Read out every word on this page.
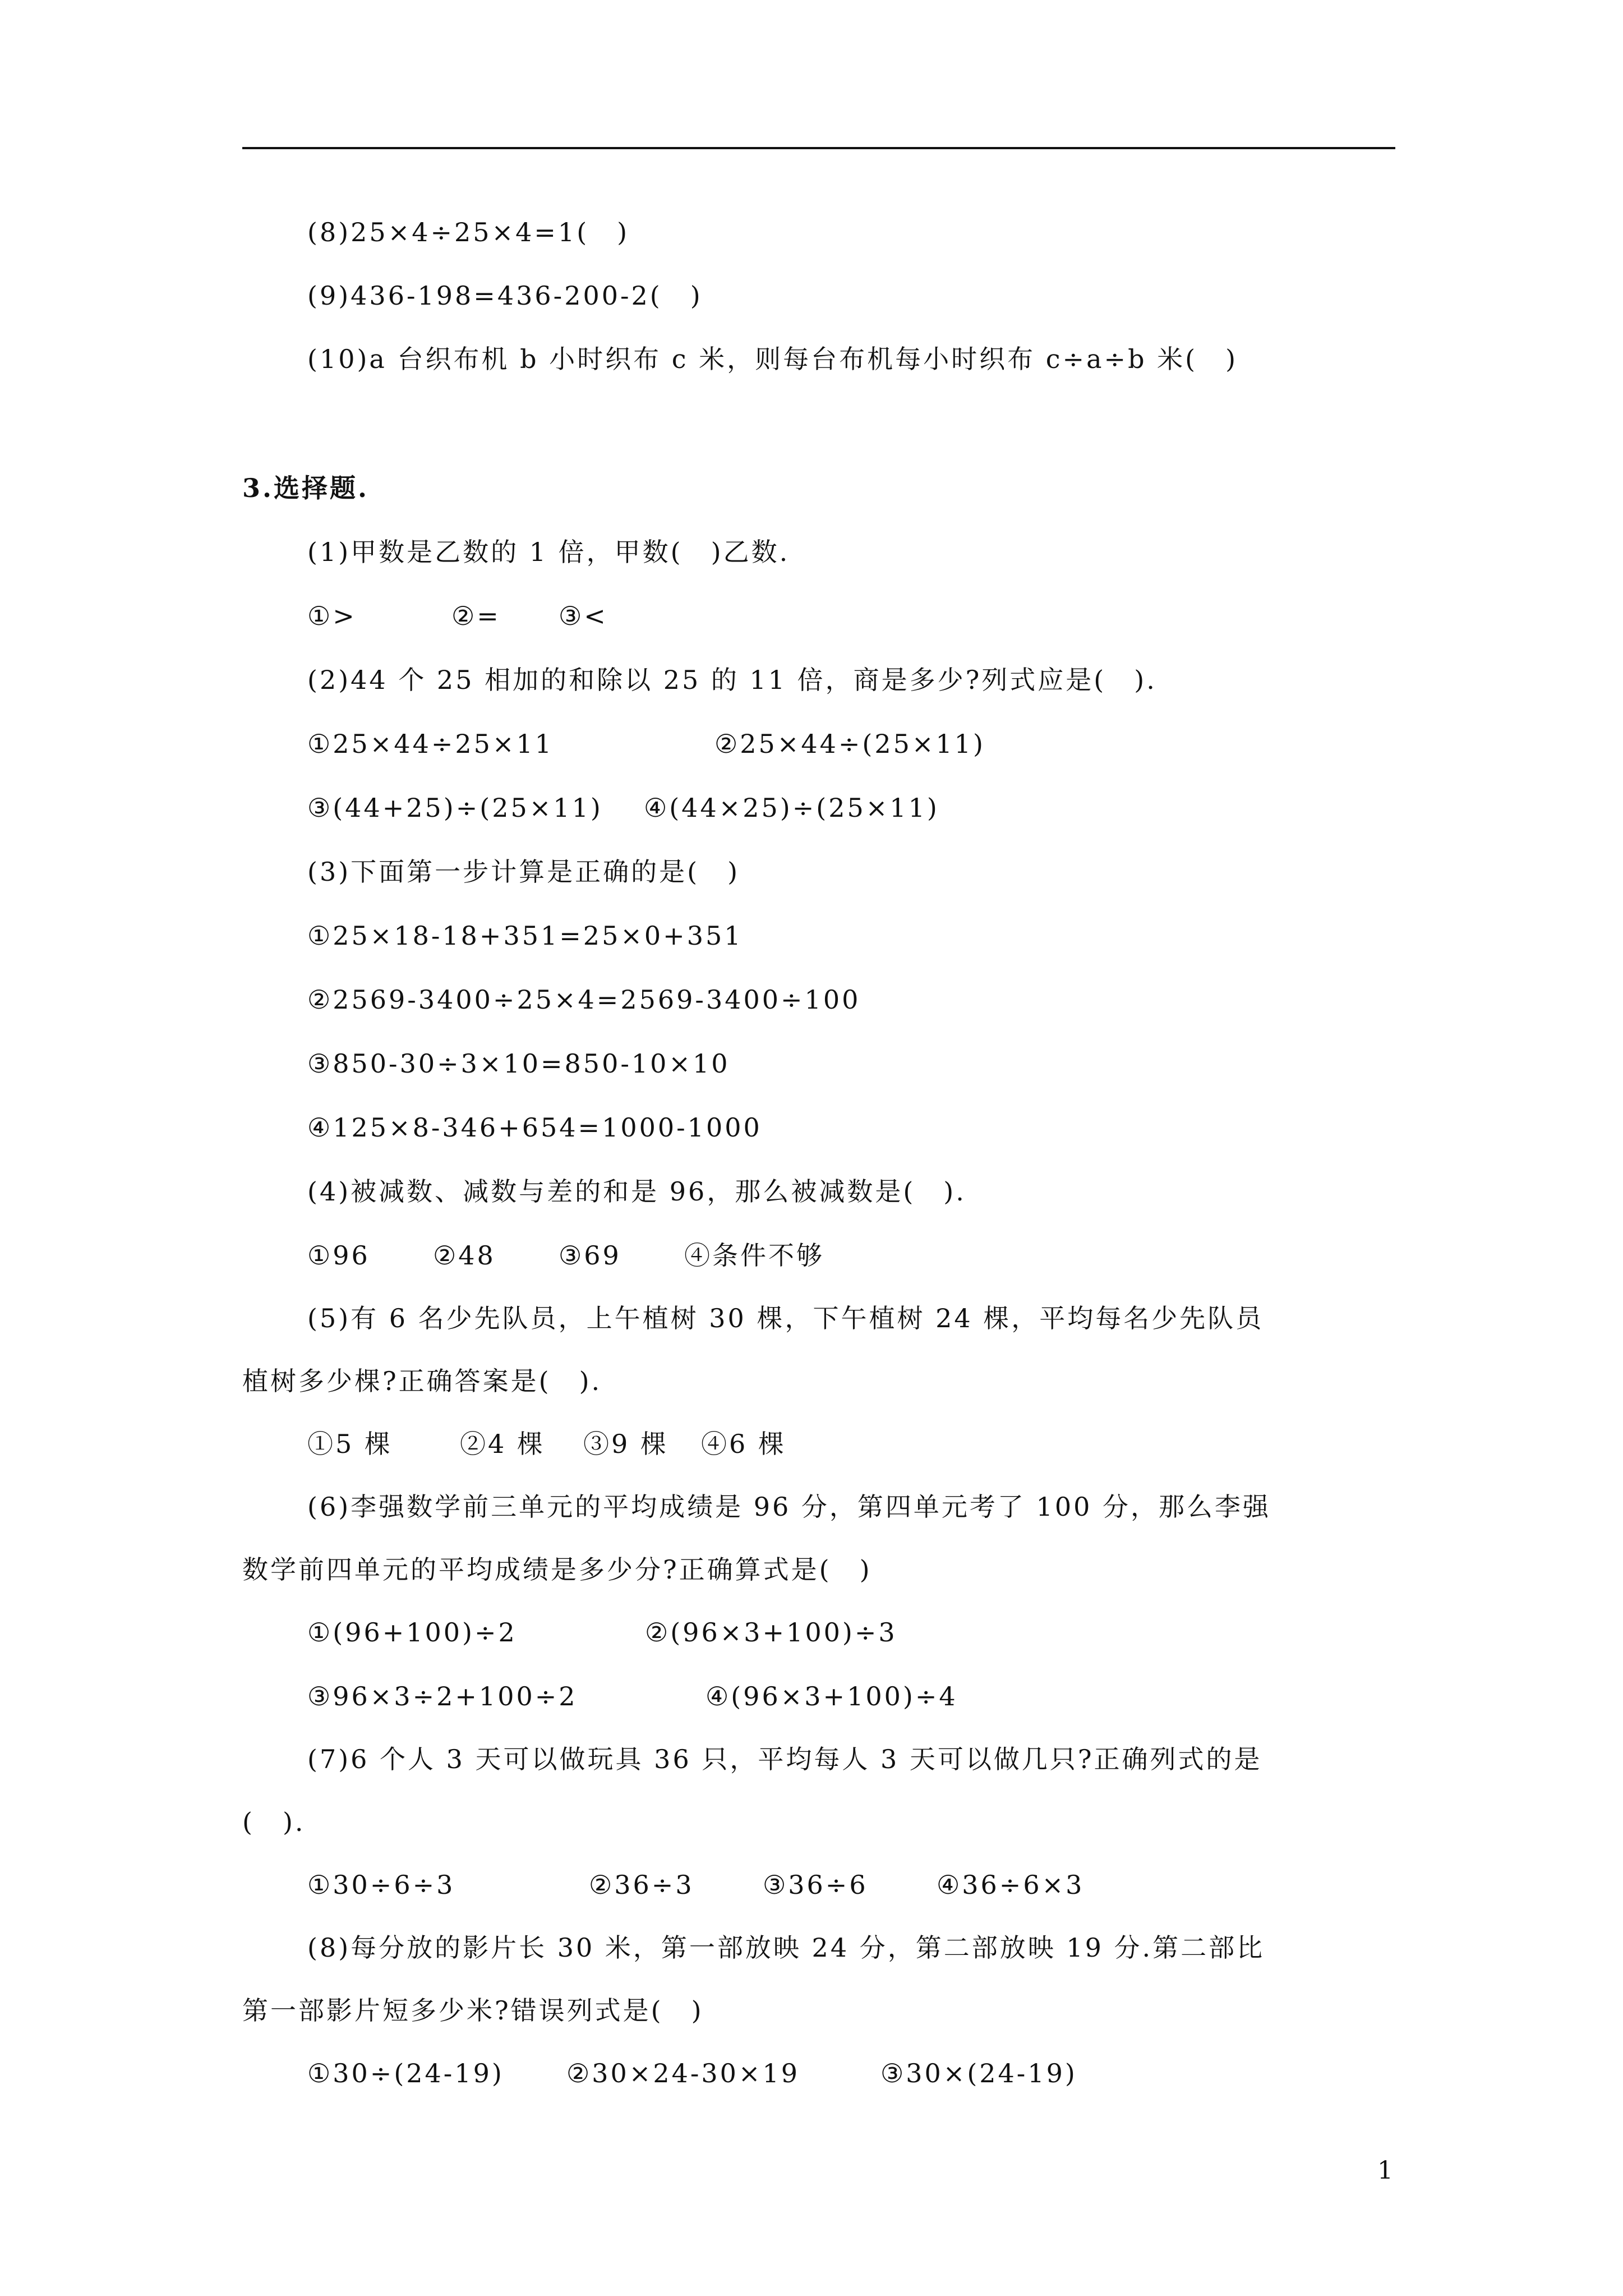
(8)25×4÷25×4=1(　)
(9)436-198=436-200-2(　)
(10)a 台织布机 b 小时织布 c 米，则每台布机每小时织布 c÷a÷b 米(　)
3.选择题.
(1)甲数是乙数的 1 倍，甲数(　)乙数.
①>	②= ③<
(2)44 个 25 相加的和除以 25 的 11 倍，商是多少?列式应是(　).
①25×44÷25×11	②25×44÷(25×11)
③(44+25)÷(25×11) ④(44×25)÷(25×11)
(3)下面第一步计算是正确的是(　)
①25×18-18+351=25×0+351
②2569-3400÷25×4=2569-3400÷100
③850-30÷3×10=850-10×10
④125×8-346+654=1000-1000
(4)被减数、减数与差的和是 96，那么被减数是(　).
①96 ②48 ③69 ④条件不够
(5)有 6 名少先队员，上午植树 30 棵，下午植树 24 棵，平均每名少先队员
植树多少棵?正确答案是(　).
①5 棵	②4 棵 ③9 棵 ④6 棵
(6)李强数学前三单元的平均成绩是 96 分，第四单元考了 100 分，那么李强
数学前四单元的平均成绩是多少分?正确算式是(　)
①(96+100)÷2	②(96×3+100)÷3
③96×3÷2+100÷2	④(96×3+100)÷4
(7)6 个人 3 天可以做玩具 36 只，平均每人 3 天可以做几只?正确列式的是
(　).
①30÷6÷3	②36÷3	③36÷6	④36÷6×3
(8)每分放的影片长 30 米，第一部放映 24 分，第二部放映 19 分.第二部比
第一部影片短多少米?错误列式是(　)
①30÷(24-19) ②30×24-30×19	③30×(24-19)
1
